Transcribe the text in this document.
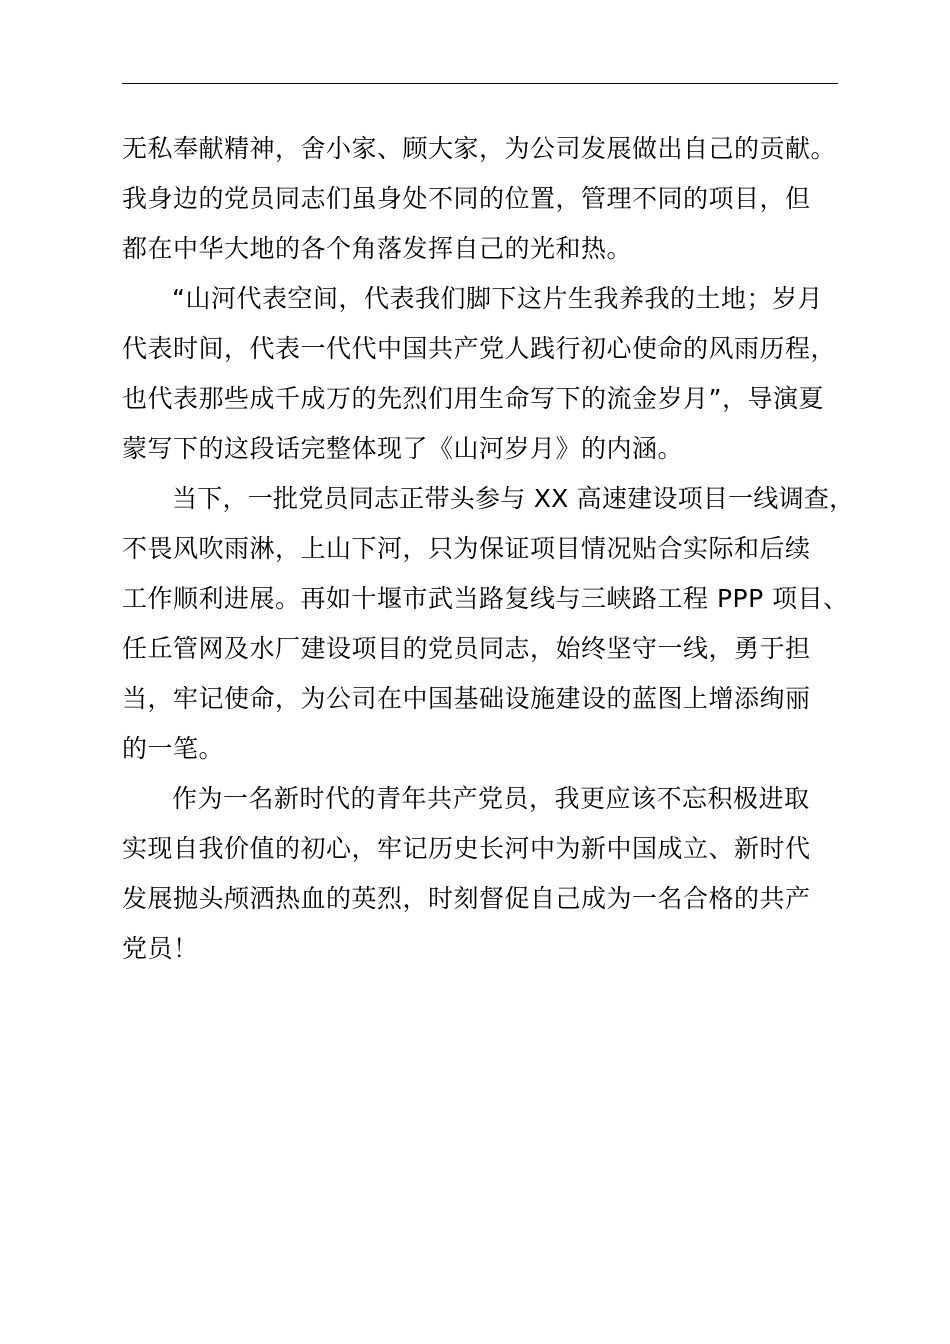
无私奉献精神，舍小家、顾大家，为公司发展做出自己的贡献。
我身边的党员同志们虽身处不同的位置，管理不同的项目，但
都在中华大地的各个角落发挥自己的光和热。
“山河代表空间，代表我们脚下这片生我养我的土地；岁月
代表时间，代表一代代中国共产党人践行初心使命的风雨历程，
也代表那些成千成万的先烈们用生命写下的流金岁月”，导演夏
蒙写下的这段话完整体现了《山河岁月》的内涵。
当下，一批党员同志正带头参与 XX 高速建设项目一线调查，
不畏风吹雨淋，上山下河，只为保证项目情况贴合实际和后续
工作顺利进展。再如十堰市武当路复线与三峡路工程 PPP 项目、
任丘管网及水厂建设项目的党员同志，始终坚守一线，勇于担
当，牢记使命，为公司在中国基础设施建设的蓝图上增添绚丽
的一笔。
作为一名新时代的青年共产党员，我更应该不忘积极进取
实现自我价值的初心，牢记历史长河中为新中国成立、新时代
发展抛头颅洒热血的英烈，时刻督促自己成为一名合格的共产
党员！
